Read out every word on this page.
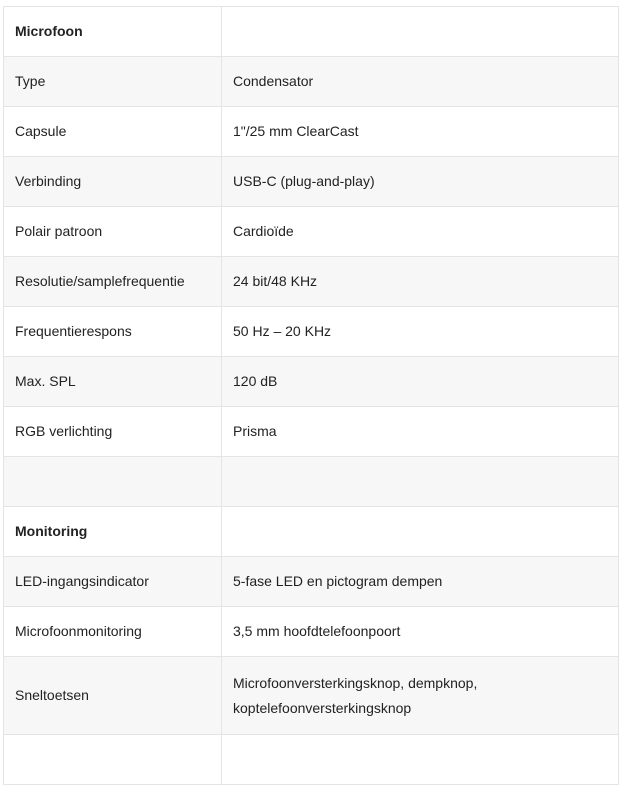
Microfoon	
Type	Condensator
Capsule	1"/25 mm ClearCast
Verbinding	USB-C (plug-and-play)
Polair patroon	Cardioïde
Resolutie/samplefrequentie	24 bit/48 KHz
Frequentierespons	50 Hz – 20 KHz
Max. SPL	120 dB
RGB verlichting	Prisma

Monitoring	
LED-ingangsindicator	5-fase LED en pictogram dempen
Microfoonmonitoring	3,5 mm hoofdtelefoonpoort
Sneltoetsen	Microfoonversterkingsknop, dempknop, koptelefoonversterkingsknop
